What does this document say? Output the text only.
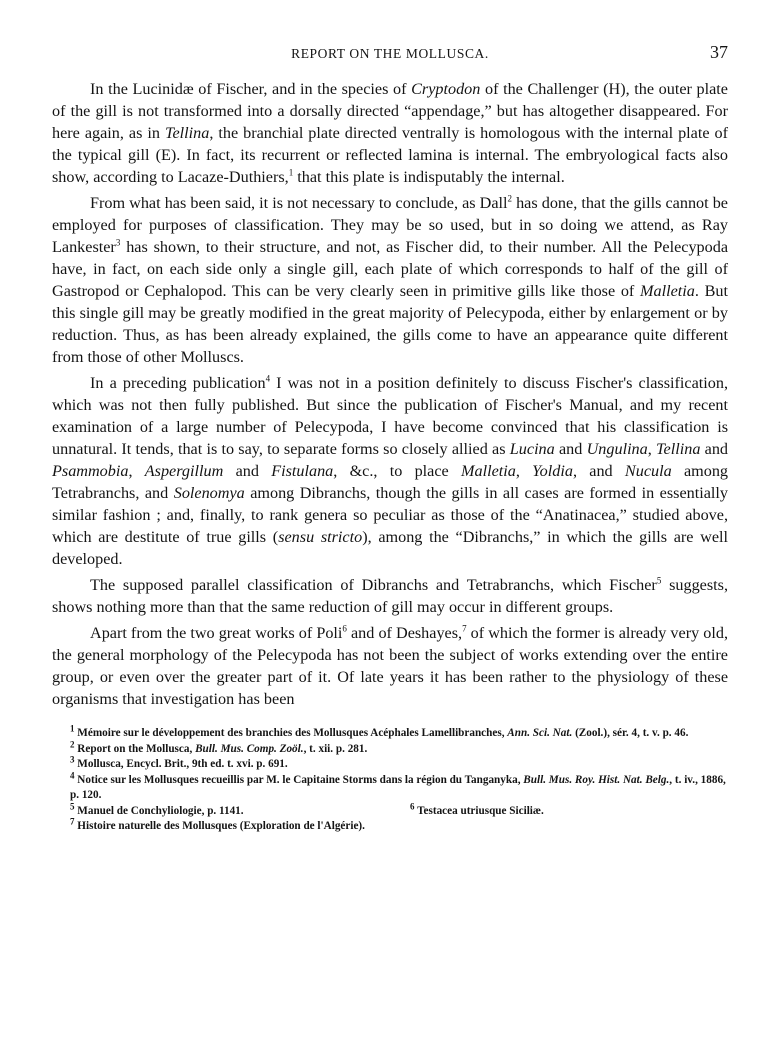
REPORT ON THE MOLLUSCA.	37

In the Lucinidæ of Fischer, and in the species of Cryptodon of the Challenger (H), the outer plate of the gill is not transformed into a dorsally directed “appendage,” but has altogether disappeared. For here again, as in Tellina, the branchial plate directed ventrally is homologous with the internal plate of the typical gill (E). In fact, its recurrent or reflected lamina is internal. The embryological facts also show, according to Lacaze-Duthiers,$^1$ that this plate is indisputably the internal.

From what has been said, it is not necessary to conclude, as Dall$^2$ has done, that the gills cannot be employed for purposes of classification. They may be so used, but in so doing we attend, as Ray Lankester$^3$ has shown, to their structure, and not, as Fischer did, to their number. All the Pelecypoda have, in fact, on each side only a single gill, each plate of which corresponds to half of the gill of Gastropod or Cephalopod. This can be very clearly seen in primitive gills like those of Malletia. But this single gill may be greatly modified in the great majority of Pelecypoda, either by enlargement or by reduction. Thus, as has been already explained, the gills come to have an appearance quite different from those of other Molluscs.

In a preceding publication$^4$ I was not in a position definitely to discuss Fischer's classification, which was not then fully published. But since the publication of Fischer's Manual, and my recent examination of a large number of Pelecypoda, I have become convinced that his classification is unnatural. It tends, that is to say, to separate forms so closely allied as Lucina and Ungulina, Tellina and Psammobia, Aspergillum and Fistulana, &c., to place Malletia, Yoldia, and Nucula among Tetrabranchs, and Solenomya among Dibranchs, though the gills in all cases are formed in essentially similar fashion ; and, finally, to rank genera so peculiar as those of the “Anatinacea,” studied above, which are destitute of true gills (sensu stricto), among the “Dibranchs,” in which the gills are well developed.

The supposed parallel classification of Dibranchs and Tetrabranchs, which Fischer$^5$ suggests, shows nothing more than that the same reduction of gill may occur in different groups.

Apart from the two great works of Poli$^6$ and of Deshayes,$^7$ of which the former is already very old, the general morphology of the Pelecypoda has not been the subject of works extending over the entire group, or even over the greater part of it. Of late years it has been rather to the physiology of these organisms that investigation has been

$^1$ Mémoire sur le développement des branchies des Mollusques Acéphales Lamellibranches, Ann. Sci. Nat. (Zool.), sér. 4, t. v. p. 46.

$^2$ Report on the Mollusca, Bull. Mus. Comp. Zoöl., t. xii. p. 281.

$^3$ Mollusca, Encycl. Brit., 9th ed. t. xvi. p. 691.

$^4$ Notice sur les Mollusques recueillis par M. le Capitaine Storms dans la région du Tanganyka, Bull. Mus. Roy. Hist. Nat. Belg., t. iv., 1886, p. 120.

$^5$ Manuel de Conchyliologie, p. 1141.	$^6$ Testacea utriusque Siciliæ.

$^7$ Histoire naturelle des Mollusques (Exploration de l'Algérie).
